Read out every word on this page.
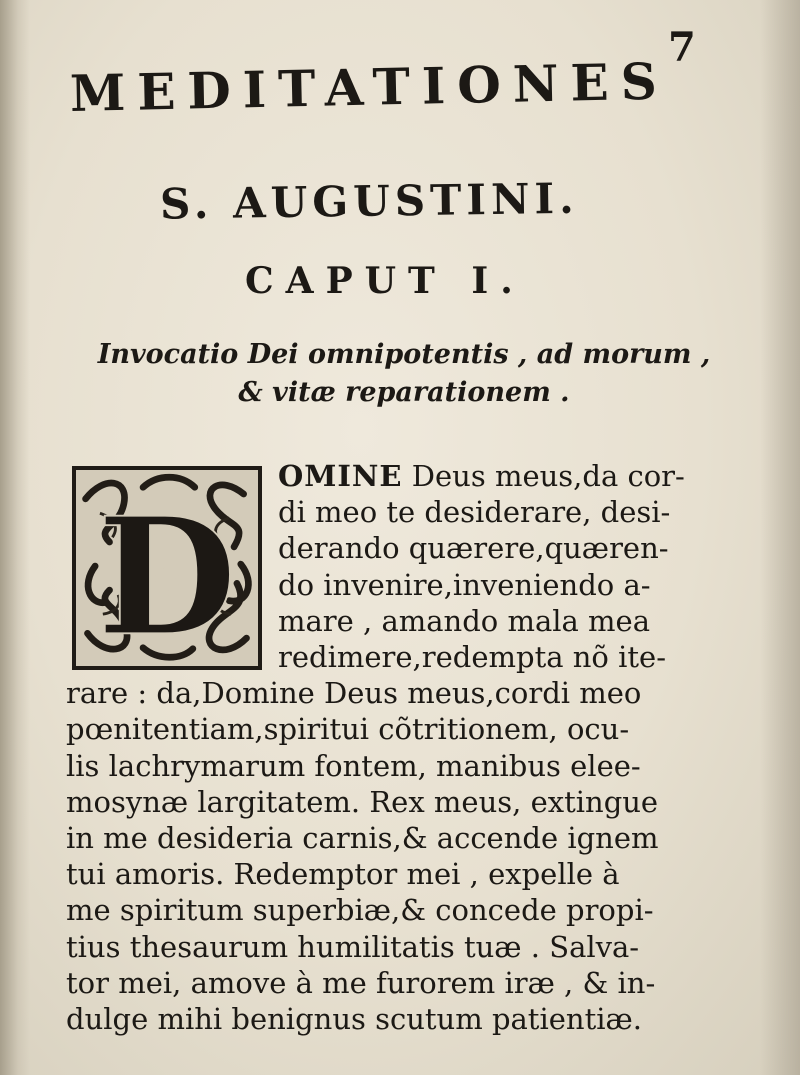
7
MEDITATIONES
S. AUGUSTINI.
CAPUT I.
Invocatio Dei omnipotentis , ad morum ,
& vitæ reparationem .
D
OMINE Deus meus,da cor-
di meo te desiderare, desi-
derando quærere,quæren-
do invenire,inveniendo a-
mare , amando mala mea
redimere,redempta nõ ite-
rare : da,Domine Deus meus,cordi meo
pœnitentiam,spiritui cõtritionem, ocu-
lis lachrymarum fontem, manibus elee-
mosynæ largitatem. Rex meus, extingue
in me desideria carnis,& accende ignem
tui amoris. Redemptor mei , expelle à
me spiritum superbiæ,& concede propi-
tius thesaurum humilitatis tuæ . Salva-
tor mei, amove à me furorem iræ , & in-
dulge mihi benignus scutum patientiæ.
